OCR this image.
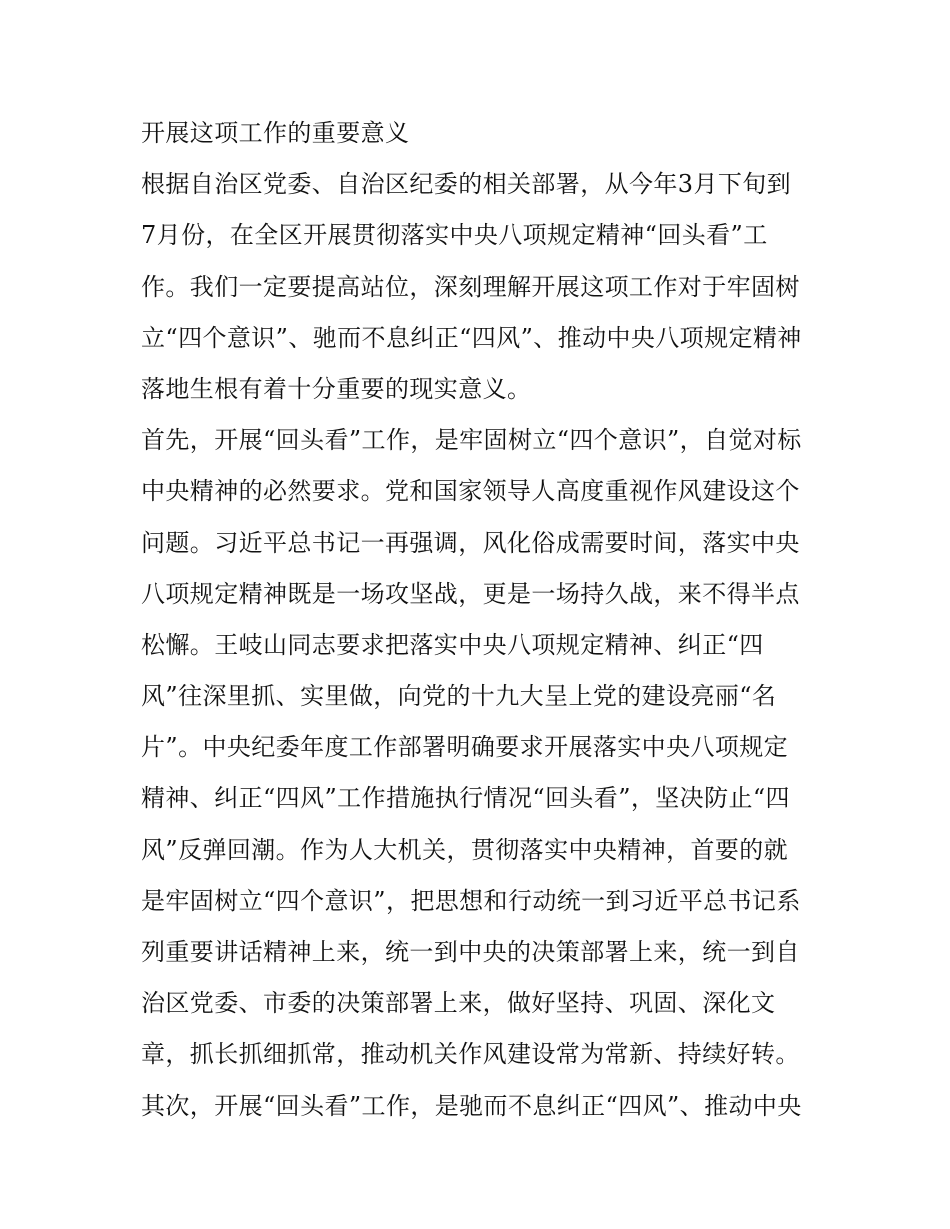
开展这项工作的重要意义
根据自治区党委、自治区纪委的相关部署，从今年3月下旬到
7月份，在全区开展贯彻落实中央八项规定精神“回头看”工
作。我们一定要提高站位，深刻理解开展这项工作对于牢固树
立“四个意识”、驰而不息纠正“四风”、推动中央八项规定精神
落地生根有着十分重要的现实意义。
首先，开展“回头看”工作，是牢固树立“四个意识”，自觉对标
中央精神的必然要求。党和国家领导人高度重视作风建设这个
问题。习近平总书记一再强调，风化俗成需要时间，落实中央
八项规定精神既是一场攻坚战，更是一场持久战，来不得半点
松懈。王岐山同志要求把落实中央八项规定精神、纠正“四
风”往深里抓、实里做，向党的十九大呈上党的建设亮丽“名
片”。中央纪委年度工作部署明确要求开展落实中央八项规定
精神、纠正“四风”工作措施执行情况“回头看”，坚决防止“四
风”反弹回潮。作为人大机关，贯彻落实中央精神，首要的就
是牢固树立“四个意识”，把思想和行动统一到习近平总书记系
列重要讲话精神上来，统一到中央的决策部署上来，统一到自
治区党委、市委的决策部署上来，做好坚持、巩固、深化文
章，抓长抓细抓常，推动机关作风建设常为常新、持续好转。
其次，开展“回头看”工作，是驰而不息纠正“四风”、推动中央
